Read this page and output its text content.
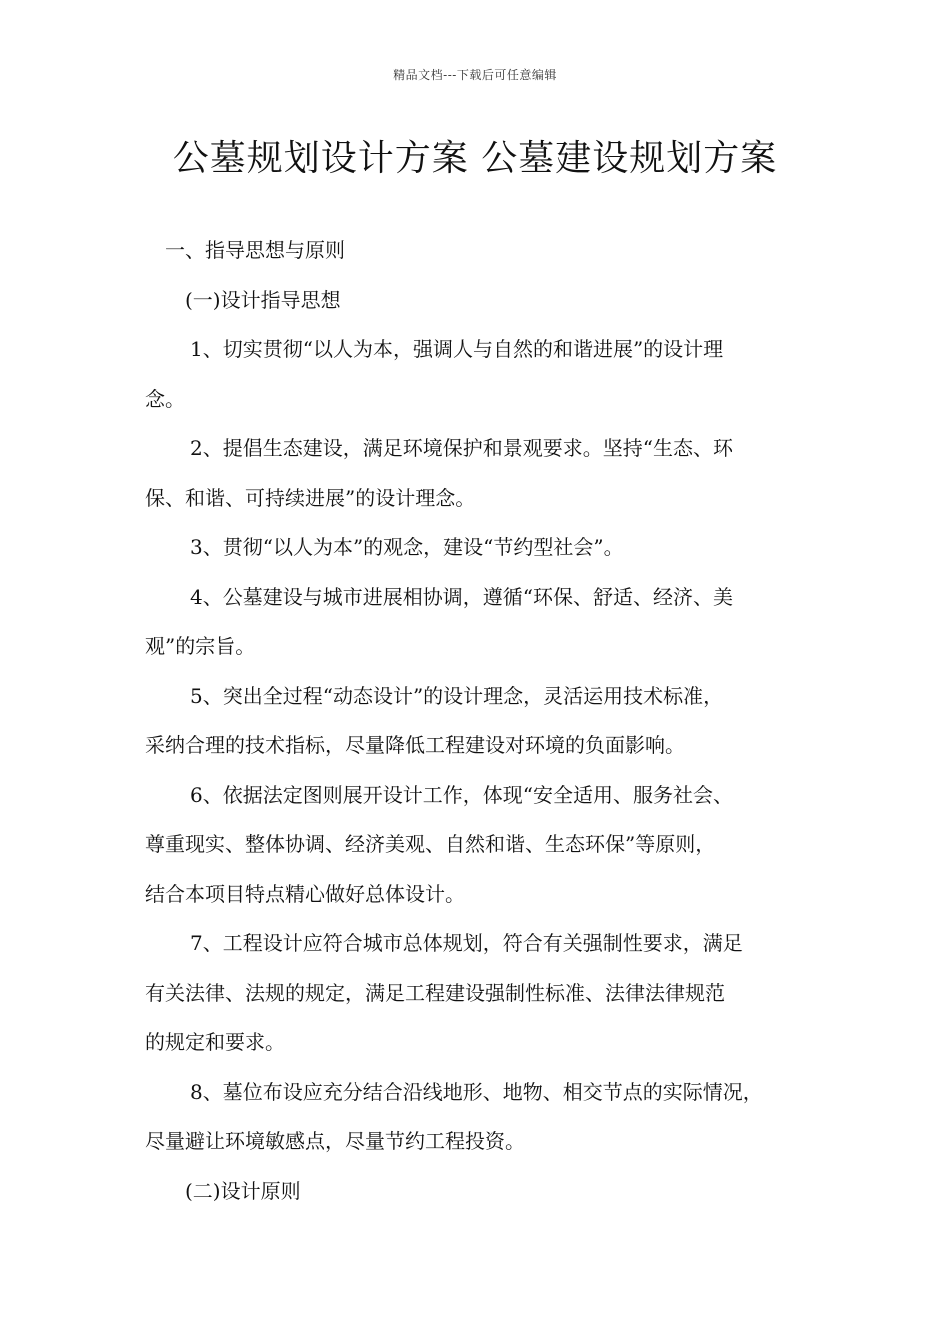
精品文档---下载后可任意编辑
公墓规划设计方案 公墓建设规划方案

一、指导思想与原则

(一)设计指导思想

1、切实贯彻“以人为本，强调人与自然的和谐进展”的设计理

念。

2、提倡生态建设，满足环境保护和景观要求。坚持“生态、环

保、和谐、可持续进展”的设计理念。

3、贯彻“以人为本”的观念，建设“节约型社会”。

4、公墓建设与城市进展相协调，遵循“环保、舒适、经济、美

观”的宗旨。

5、突出全过程“动态设计”的设计理念，灵活运用技术标准，

采纳合理的技术指标，尽量降低工程建设对环境的负面影响。

6、依据法定图则展开设计工作，体现“安全适用、服务社会、

尊重现实、整体协调、经济美观、自然和谐、生态环保”等原则，

结合本项目特点精心做好总体设计。

7、工程设计应符合城市总体规划，符合有关强制性要求，满足

有关法律、法规的规定，满足工程建设强制性标准、法律法律规范

的规定和要求。

8、墓位布设应充分结合沿线地形、地物、相交节点的实际情况，

尽量避让环境敏感点，尽量节约工程投资。

(二)设计原则
